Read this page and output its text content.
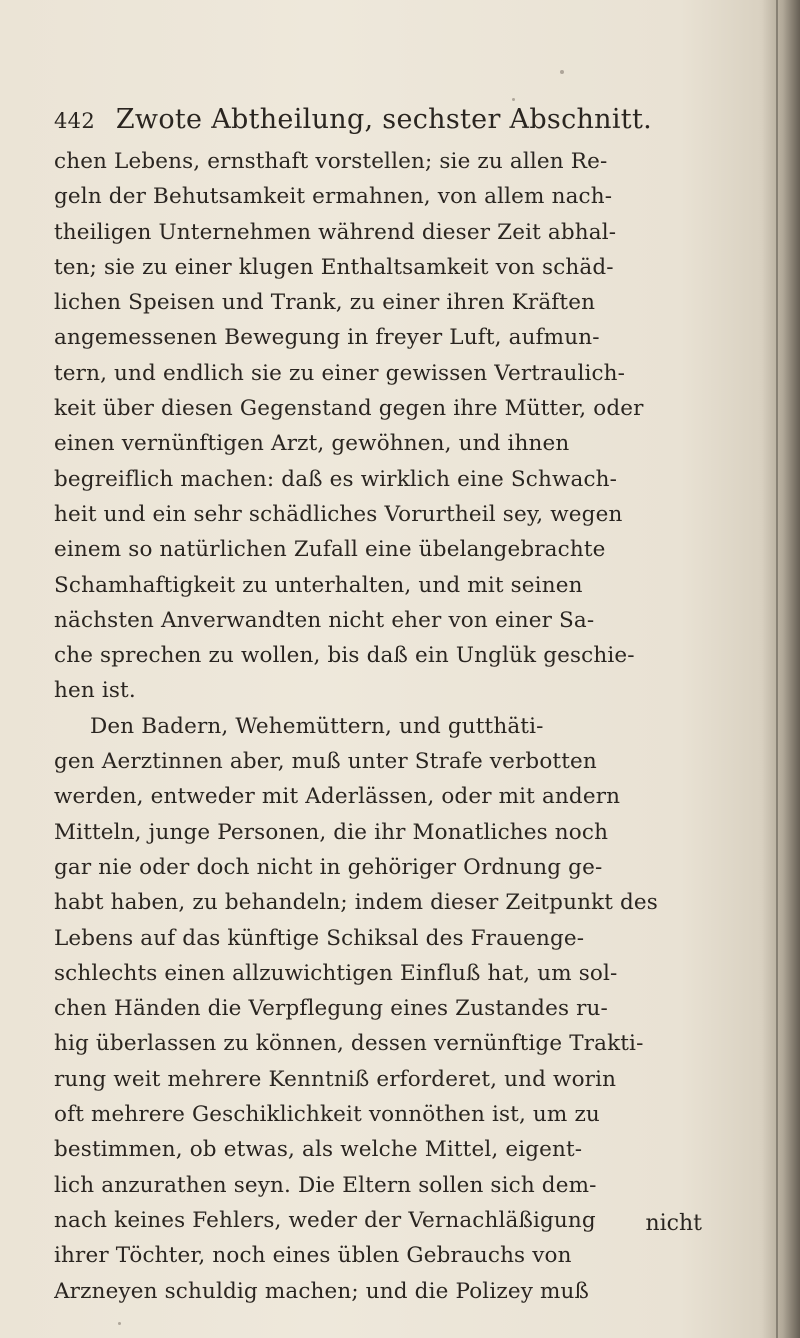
442 Zwote Abtheilung, sechster Abschnitt.
chen Lebens, ernsthaft vorstellen; sie zu allen Re-
geln der Behutsamkeit ermahnen, von allem nach-
theiligen Unternehmen während dieser Zeit abhal-
ten; sie zu einer klugen Enthaltsamkeit von schäd-
lichen Speisen und Trank, zu einer ihren Kräften
angemessenen Bewegung in freyer Luft, aufmun-
tern, und endlich sie zu einer gewissen Vertraulich-
keit über diesen Gegenstand gegen ihre Mütter, oder
einen vernünftigen Arzt, gewöhnen, und ihnen
begreiflich machen: daß es wirklich eine Schwach-
heit und ein sehr schädliches Vorurtheil sey, wegen
einem so natürlichen Zufall eine übelangebrachte
Schamhaftigkeit zu unterhalten, und mit seinen
nächsten Anverwandten nicht eher von einer Sa-
che sprechen zu wollen, bis daß ein Unglük geschie-
hen ist.
Den Badern, Wehemüttern, und gutthäti-
gen Aerztinnen aber, muß unter Strafe verbotten
werden, entweder mit Aderlässen, oder mit andern
Mitteln, junge Personen, die ihr Monatliches noch
gar nie oder doch nicht in gehöriger Ordnung ge-
habt haben, zu behandeln; indem dieser Zeitpunkt des
Lebens auf das künftige Schiksal des Frauenge-
schlechts einen allzuwichtigen Einfluß hat, um sol-
chen Händen die Verpflegung eines Zustandes ru-
hig überlassen zu können, dessen vernünftige Trakti-
rung weit mehrere Kenntniß erforderet, und worin
oft mehrere Geschiklichkeit vonnöthen ist, um zu
bestimmen, ob etwas, als welche Mittel, eigent-
lich anzurathen seyn. Die Eltern sollen sich dem-
nach keines Fehlers, weder der Vernachläßigung
ihrer Töchter, noch eines üblen Gebrauchs von
Arzneyen schuldig machen; und die Polizey muß
nicht
